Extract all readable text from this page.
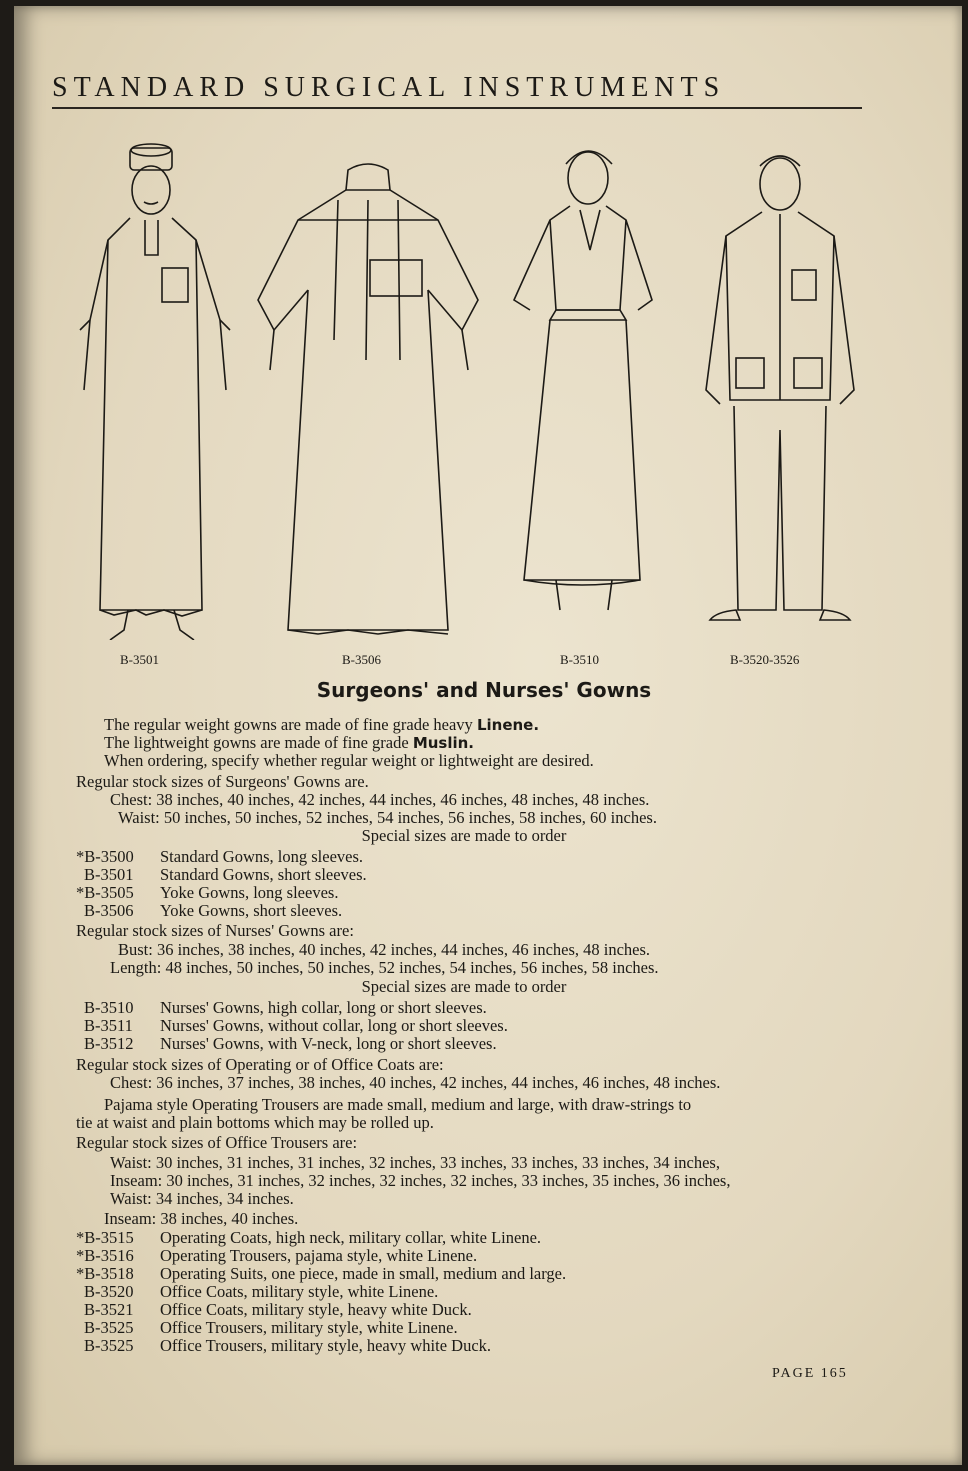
STANDARD SURGICAL INSTRUMENTS
B-3501	B-3506	B-3510	B-3520-3526
Surgeons' and Nurses' Gowns
The regular weight gowns are made of fine grade heavy Linene.
The lightweight gowns are made of fine grade Muslin.
When ordering, specify whether regular weight or lightweight are desired.
Regular stock sizes of Surgeons' Gowns are.
Chest: 38 inches, 40 inches, 42 inches, 44 inches, 46 inches, 48 inches, 48 inches.
Waist: 50 inches, 50 inches, 52 inches, 54 inches, 56 inches, 58 inches, 60 inches.
Special sizes are made to order
*B-3500 Standard Gowns, long sleeves.
B-3501 Standard Gowns, short sleeves.
*B-3505 Yoke Gowns, long sleeves.
B-3506 Yoke Gowns, short sleeves.
Regular stock sizes of Nurses' Gowns are:
Bust: 36 inches, 38 inches, 40 inches, 42 inches, 44 inches, 46 inches, 48 inches.
Length: 48 inches, 50 inches, 50 inches, 52 inches, 54 inches, 56 inches, 58 inches.
Special sizes are made to order
B-3510 Nurses' Gowns, high collar, long or short sleeves.
B-3511 Nurses' Gowns, without collar, long or short sleeves.
B-3512 Nurses' Gowns, with V-neck, long or short sleeves.
Regular stock sizes of Operating or of Office Coats are:
Chest: 36 inches, 37 inches, 38 inches, 40 inches, 42 inches, 44 inches, 46 inches, 48 inches.
Pajama style Operating Trousers are made small, medium and large, with draw-strings to
tie at waist and plain bottoms which may be rolled up.
Regular stock sizes of Office Trousers are:
Waist: 30 inches, 31 inches, 31 inches, 32 inches, 33 inches, 33 inches, 33 inches, 34 inches,
Inseam: 30 inches, 31 inches, 32 inches, 32 inches, 32 inches, 33 inches, 35 inches, 36 inches,
Waist: 34 inches, 34 inches.
Inseam: 38 inches, 40 inches.
*B-3515 Operating Coats, high neck, military collar, white Linene.
*B-3516 Operating Trousers, pajama style, white Linene.
*B-3518 Operating Suits, one piece, made in small, medium and large.
B-3520 Office Coats, military style, white Linene.
B-3521 Office Coats, military style, heavy white Duck.
B-3525 Office Trousers, military style, white Linene.
B-3525 Office Trousers, military style, heavy white Duck.
PAGE 165
